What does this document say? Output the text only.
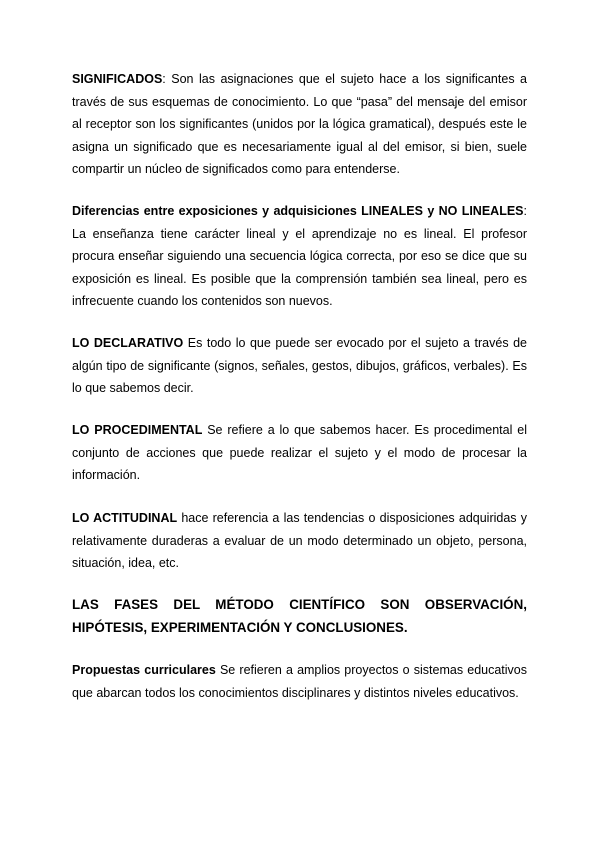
SIGNIFICADOS: Son las asignaciones que el sujeto hace a los significantes a través de sus esquemas de conocimiento. Lo que “pasa” del mensaje del emisor al receptor son los significantes (unidos por la lógica gramatical), después este le asigna un significado que es necesariamente igual al del emisor, si bien, suele compartir un núcleo de significados como para entenderse.

Diferencias entre exposiciones y adquisiciones LINEALES y NO LINEALES: La enseñanza tiene carácter lineal y el aprendizaje no es lineal. El profesor procura enseñar siguiendo una secuencia lógica correcta, por eso se dice que su exposición es lineal. Es posible que la comprensión también sea lineal, pero es infrecuente cuando los contenidos son nuevos.

LO DECLARATIVO Es todo lo que puede ser evocado por el sujeto a través de algún tipo de significante (signos, señales, gestos, dibujos, gráficos, verbales). Es lo que sabemos decir.

LO PROCEDIMENTAL Se refiere a lo que sabemos hacer. Es procedimental el conjunto de acciones que puede realizar el sujeto y el modo de procesar la información.

LO ACTITUDINAL hace referencia a las tendencias o disposiciones adquiridas y relativamente duraderas a evaluar de un modo determinado un objeto, persona, situación, idea, etc.

LAS FASES DEL MÉTODO CIENTÍFICO SON OBSERVACIÓN, HIPÓTESIS, EXPERIMENTACIÓN Y CONCLUSIONES.

Propuestas curriculares Se refieren a amplios proyectos o sistemas educativos que abarcan todos los conocimientos disciplinares y distintos niveles educativos.
